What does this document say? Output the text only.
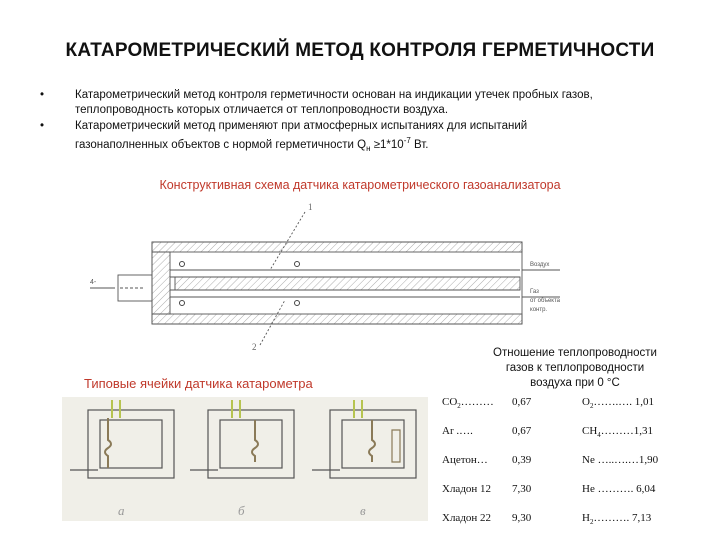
КАТАРОМЕТРИЧЕСКИЙ МЕТОД КОНТРОЛЯ ГЕРМЕТИЧНОСТИ
•	Катарометрический метод контроля герметичности основан на индикации утечек пробных газов,
теплопроводность которых отличается от теплопроводности воздуха.
•	Катарометрический метод применяют при атмосферных испытаниях для испытаний
газонаполненных объектов с нормой герметичности $Q_н \ge 1*10^{-7}$ Вт.
Конструктивная схема датчика катарометрического газоанализатора
4-
Воздух
Газ
от объекта
контр.
1
2
а	б	в
Типовые ячейки датчика катарометра
Отношение теплопроводности
газов к теплопроводности
воздуха при 0 °С
$CO_2\dots\dots\dots$	0,67	$O_2\dots\dots.\dots$. 1,01
Ar .….	0,67	$CH_4\dots\dots\dots 1,31$
Ацетон…	0,39	Ne …..….…1,90
Хладон 12	7,30	He ………. 6,04
Хладон 22	9,30	$H_2\dots\dots\dots$. 7,13
